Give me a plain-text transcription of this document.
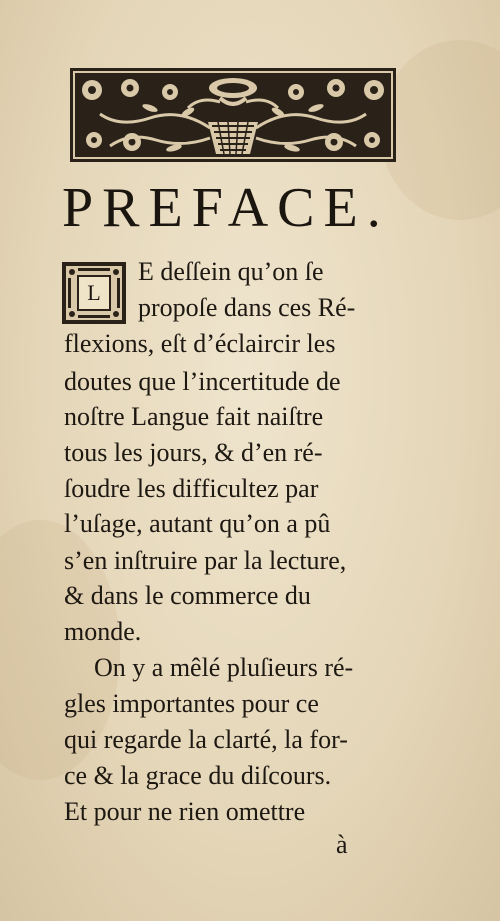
PREFACE.
L
E deſſein qu’on ſe
propoſe dans ces Ré-
flexions, eſt d’éclaircir les
doutes que l’incertitude de
noſtre Langue fait naiſtre
tous les jours, & d’en ré-
ſoudre les difficultez par
l’uſage, autant qu’on a pû
s’en inſtruire par la lecture,
& dans le commerce du
monde.
On y a mêlé pluſieurs ré-
gles importantes pour ce
qui regarde la clarté, la for-
ce & la grace du diſcours.
Et pour ne rien omettre
à
